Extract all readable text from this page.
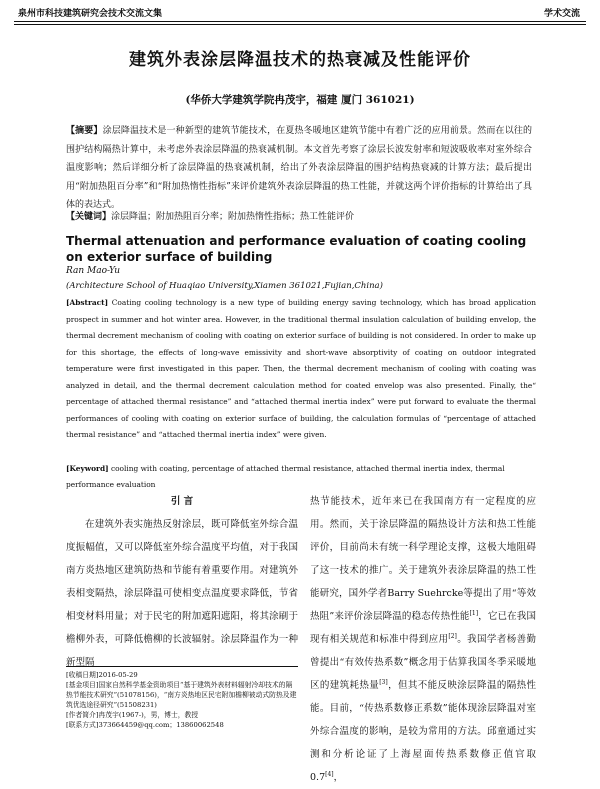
泉州市科技建筑研究会技术交流文集	学术交流
建筑外表涂层降温技术的热衰减及性能评价
(华侨大学建筑学院冉茂宇，福建 厦门 361021)
【摘要】涂层降温技术是一种新型的建筑节能技术，在夏热冬暖地区建筑节能中有着广泛的应用前景。然而在以往的围护结构隔热计算中，未考虑外表涂层降温的热衰减机制。本文首先考察了涂层长波发射率和短波吸收率对室外综合温度影响；然后详细分析了涂层降温的热衰减机制，给出了外表涂层降温的围护结构热衰减的计算方法；最后提出用“附加热阻百分率”和“附加热惰性指标”来评价建筑外表涂层降温的热工性能，并就这两个评价指标的计算给出了具体的表达式。
【关键词】涂层降温；附加热阻百分率；附加热惰性指标；热工性能评价
Thermal attenuation and performance evaluation of coating cooling on exterior surface of building
Ran Mao-Yu
(Architecture School of Huaqiao University,Xiamen 361021,Fujian,China)
[Abstract] Coating cooling technology is a new type of building energy saving technology, which has broad application prospect in summer and hot winter area. However, in the traditional thermal insulation calculation of building envelop, the thermal decrement mechanism of cooling with coating on exterior surface of building is not considered. In order to make up for this shortage, the effects of long-wave emissivity and short-wave absorptivity of coating on outdoor integrated temperature were first investigated in this paper. Then, the thermal decrement mechanism of cooling with coating was analyzed in detail, and the thermal decrement calculation method for coated envelop was also presented. Finally, the“ percentage of attached thermal resistance” and “attached thermal inertia index” were put forward to evaluate the thermal performances of cooling with coating on exterior surface of building, the calculation formulas of “percentage of attached thermal resistance” and “attached thermal inertia index” were given.
[Keyword] cooling with coating, percentage of attached thermal resistance, attached thermal inertia index, thermal performance evaluation
引 言

在建筑外表实施热反射涂层，既可降低室外综合温度振幅值，又可以降低室外综合温度平均值，对于我国南方炎热地区建筑防热和节能有着重要作用。对建筑外表相变隔热，涂层降温可使相变点温度要求降低，节省相变材料用量；对于民宅的附加遮阳遮阳，将其涂刷于檐柳外表，可降低檐柳的长波辐射。涂层降温作为一种新型隔

[收稿日期]2016-05-29
[基金项目]国家自然科学基金资助项目“基于建筑外表材料辐射冷却技术的隔热节能技术研究”(51078156)，“南方炎热地区民宅附加檐柳被动式防热及建筑优选途径研究”(51508231)
[作者简介]冉茂宇(1967-)，男，博士，教授
[联系方式]373664459@qq.com；13860062548

热节能技术，近年来已在我国南方有一定程度的应用。然而，关于涂层降温的隔热设计方法和热工性能评价，目前尚未有统一科学理论支撑，这极大地阻碍了这一技术的推广。关于建筑外表涂层降温的热工性能研究，国外学者Barry Suehrcke等提出了用“等效热阻”来评价涂层降温的稳态传热性能[1]，它已在我国现有相关规范和标准中得到应用[2]。我国学者杨善勤曾提出“有效传热系数”概念用于估算我国冬季采暖地区的建筑耗热量[3]，但其不能反映涂层降温的隔热性能。目前，“传热系数修正系数”能体现涂层降温对室外综合温度的影响，是较为常用的方法。邱童通过实测和分析论证了上海屋面传热系数修正值官取 0.7[4]，
